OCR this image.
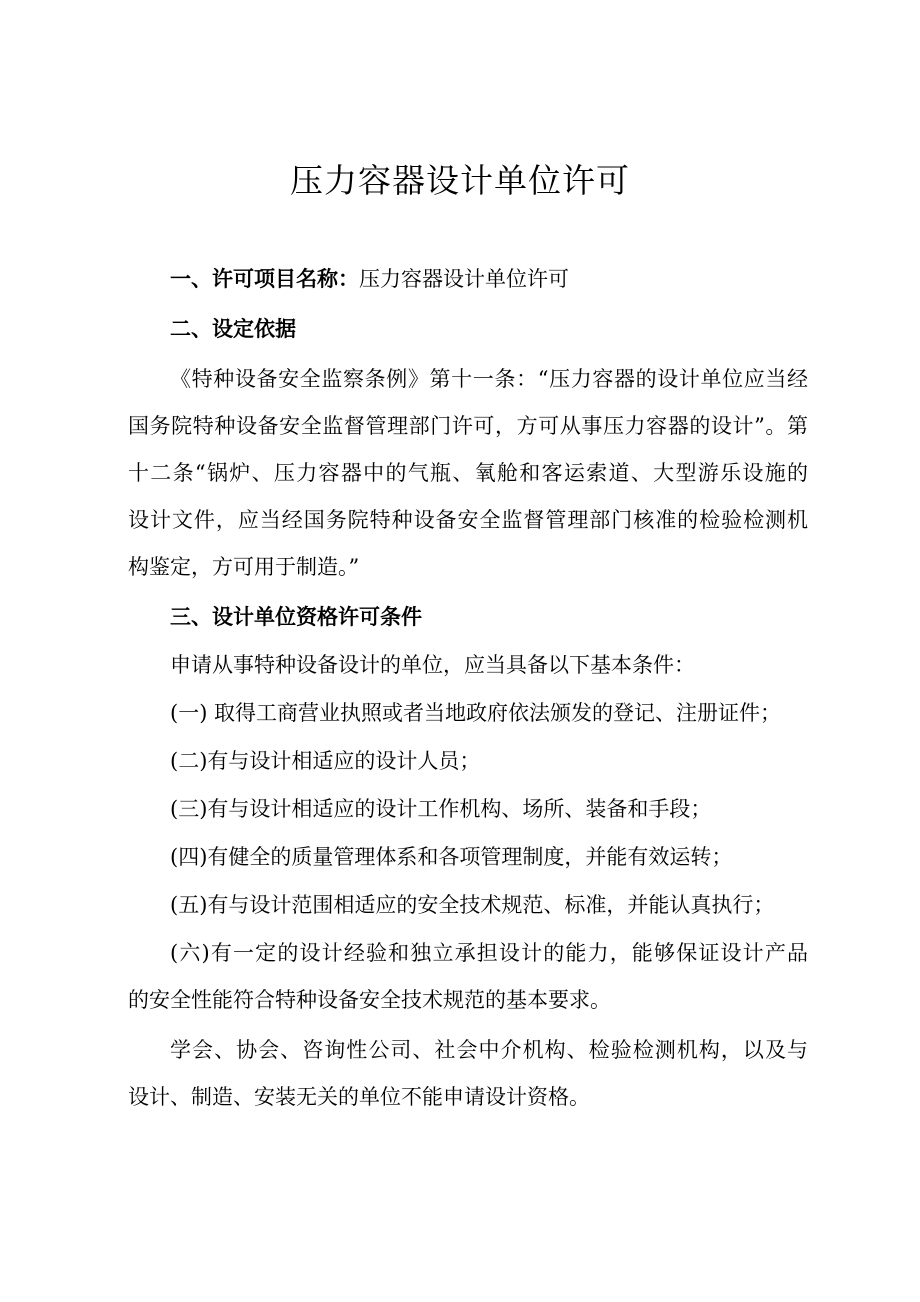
压力容器设计单位许可
一、许可项目名称：压力容器设计单位许可
二、设定依据
《特种设备安全监察条例》第十一条：“压力容器的设计单位应当经
国务院特种设备安全监督管理部门许可，方可从事压力容器的设计”。第
十二条“锅炉、压力容器中的气瓶、氧舱和客运索道、大型游乐设施的
设计文件，应当经国务院特种设备安全监督管理部门核准的检验检测机
构鉴定，方可用于制造。”
三、设计单位资格许可条件
申请从事特种设备设计的单位，应当具备以下基本条件：
(一) 取得工商营业执照或者当地政府依法颁发的登记、注册证件；
(二)有与设计相适应的设计人员；
(三)有与设计相适应的设计工作机构、场所、装备和手段；
(四)有健全的质量管理体系和各项管理制度，并能有效运转；
(五)有与设计范围相适应的安全技术规范、标准，并能认真执行；
(六)有一定的设计经验和独立承担设计的能力，能够保证设计产品
的安全性能符合特种设备安全技术规范的基本要求。
学会、协会、咨询性公司、社会中介机构、检验检测机构，以及与
设计、制造、安装无关的单位不能申请设计资格。
